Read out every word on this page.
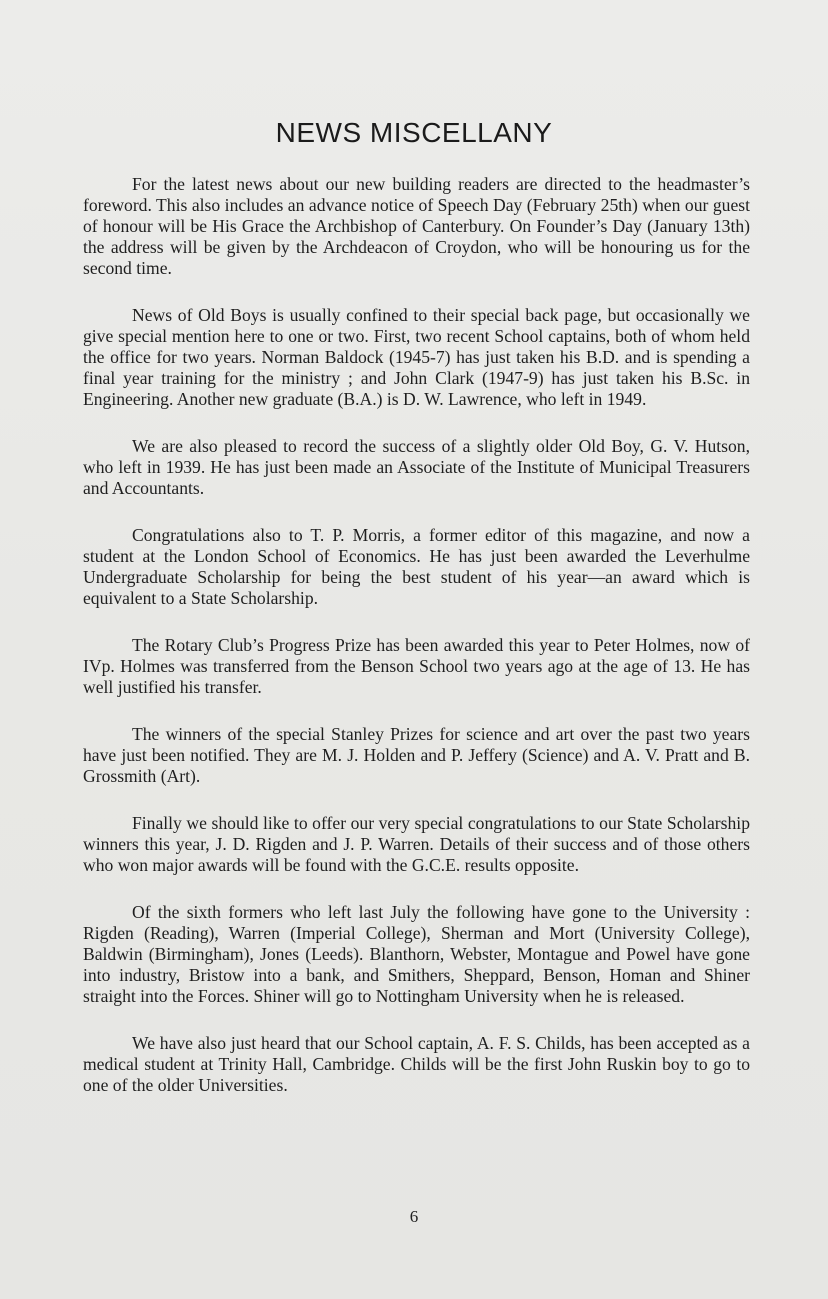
NEWS MISCELLANY

For the latest news about our new building readers are directed to the headmaster’s foreword. This also includes an advance notice of Speech Day (February 25th) when our guest of honour will be His Grace the Archbishop of Canterbury. On Founder’s Day (January 13th) the address will be given by the Archdeacon of Croydon, who will be honouring us for the second time.

News of Old Boys is usually confined to their special back page, but occasionally we give special mention here to one or two. First, two recent School captains, both of whom held the office for two years. Norman Baldock (1945-7) has just taken his B.D. and is spending a final year training for the ministry ; and John Clark (1947-9) has just taken his B.Sc. in Engineering. Another new graduate (B.A.) is D. W. Lawrence, who left in 1949.

We are also pleased to record the success of a slightly older Old Boy, G. V. Hutson, who left in 1939. He has just been made an Associate of the Institute of Municipal Treasurers and Accountants.

Congratulations also to T. P. Morris, a former editor of this magazine, and now a student at the London School of Economics. He has just been awarded the Leverhulme Undergraduate Scholarship for being the best student of his year—an award which is equivalent to a State Scholarship.

The Rotary Club’s Progress Prize has been awarded this year to Peter Holmes, now of IVp. Holmes was transferred from the Benson School two years ago at the age of 13. He has well justified his transfer.

The winners of the special Stanley Prizes for science and art over the past two years have just been notified. They are M. J. Holden and P. Jeffery (Science) and A. V. Pratt and B. Grossmith (Art).

Finally we should like to offer our very special congratulations to our State Scholarship winners this year, J. D. Rigden and J. P. Warren. Details of their success and of those others who won major awards will be found with the G.C.E. results opposite.

Of the sixth formers who left last July the following have gone to the University : Rigden (Reading), Warren (Imperial College), Sherman and Mort (University College), Baldwin (Birmingham), Jones (Leeds). Blanthorn, Webster, Montague and Powel have gone into industry, Bristow into a bank, and Smithers, Sheppard, Benson, Homan and Shiner straight into the Forces. Shiner will go to Nottingham University when he is released.

We have also just heard that our School captain, A. F. S. Childs, has been accepted as a medical student at Trinity Hall, Cambridge. Childs will be the first John Ruskin boy to go to one of the older Universities.

6
